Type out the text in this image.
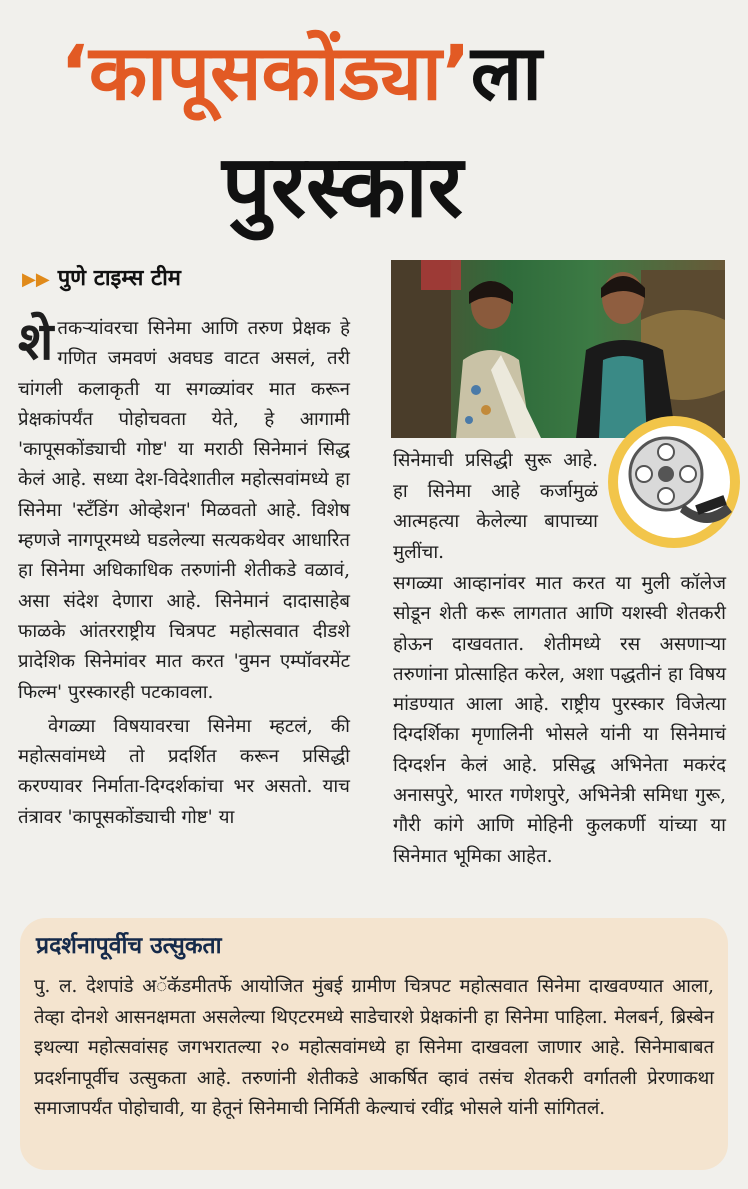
‘कापूसकोंड्या’ला
पुरस्कार
▶▶ पुणे टाइम्स टीम

शेतकऱ्यांवरचा सिनेमा आणि तरुण प्रेक्षक हे गणित जमवणं अवघड वाटत असलं, तरी चांगली कलाकृती या सगळ्यांवर मात करून प्रेक्षकांपर्यंत पोहोचवता येते, हे आगामी 'कापूसकोंड्याची गोष्ट' या मराठी सिनेमानं सिद्ध केलं आहे. सध्या देश-विदेशातील महोत्सवांमध्ये हा सिनेमा 'स्टॅंडिंग ओव्हेशन' मिळवतो आहे. विशेष म्हणजे नागपूरमध्ये घडलेल्या सत्यकथेवर आधारित हा सिनेमा अधिकाधिक तरुणांनी शेतीकडे वळावं, असा संदेश देणारा आहे. सिनेमानं दादासाहेब फाळके आंतरराष्ट्रीय चित्रपट महोत्सवात दीडशे प्रादेशिक सिनेमांवर मात करत 'वुमन एम्पॉवरमेंट फिल्म' पुरस्कारही पटकावला.

वेगळ्या विषयावरचा सिनेमा म्हटलं, की महोत्सवांमध्ये तो प्रदर्शित करून प्रसिद्धी करण्यावर निर्माता-दिग्दर्शकांचा भर असतो. याच तंत्रावर 'कापूसकोंड्याची गोष्ट' या

सिनेमाची प्रसिद्धी सुरू आहे. हा सिनेमा आहे कर्जामुळं आत्महत्या केलेल्या बापाच्या मुलींचा.
सगळ्या आव्हानांवर मात करत या मुली कॉलेज सोडून शेती करू लागतात आणि यशस्वी शेतकरी होऊन दाखवतात. शेतीमध्ये रस असणाऱ्या तरुणांना प्रोत्साहित करेल, अशा पद्धतीनं हा विषय मांडण्यात आला आहे. राष्ट्रीय पुरस्कार विजेत्या दिग्दर्शिका मृणालिनी भोसले यांनी या सिनेमाचं दिग्दर्शन केलं आहे. प्रसिद्ध अभिनेता मकरंद अनासपुरे, भारत गणेशपुरे, अभिनेत्री समिधा गुरू, गौरी कांगे आणि मोहिनी कुलकर्णी यांच्या या सिनेमात भूमिका आहेत.
प्रदर्शनापूर्वीच उत्सुकता
पु. ल. देशपांडे अॅकॅडमीतर्फे आयोजित मुंबई ग्रामीण चित्रपट महोत्सवात सिनेमा दाखवण्यात आला, तेव्हा दोनशे आसनक्षमता असलेल्या थिएटरमध्ये साडेचारशे प्रेक्षकांनी हा सिनेमा पाहिला. मेलबर्न, ब्रिस्बेन इथल्या महोत्सवांसह जगभरातल्या २० महोत्सवांमध्ये हा सिनेमा दाखवला जाणार आहे. सिनेमाबाबत प्रदर्शनापूर्वीच उत्सुकता आहे. तरुणांनी शेतीकडे आकर्षित व्हावं तसंच शेतकरी वर्गातली प्रेरणाकथा समाजापर्यंत पोहोचावी, या हेतूनं सिनेमाची निर्मिती केल्याचं रवींद्र भोसले यांनी सांगितलं.
